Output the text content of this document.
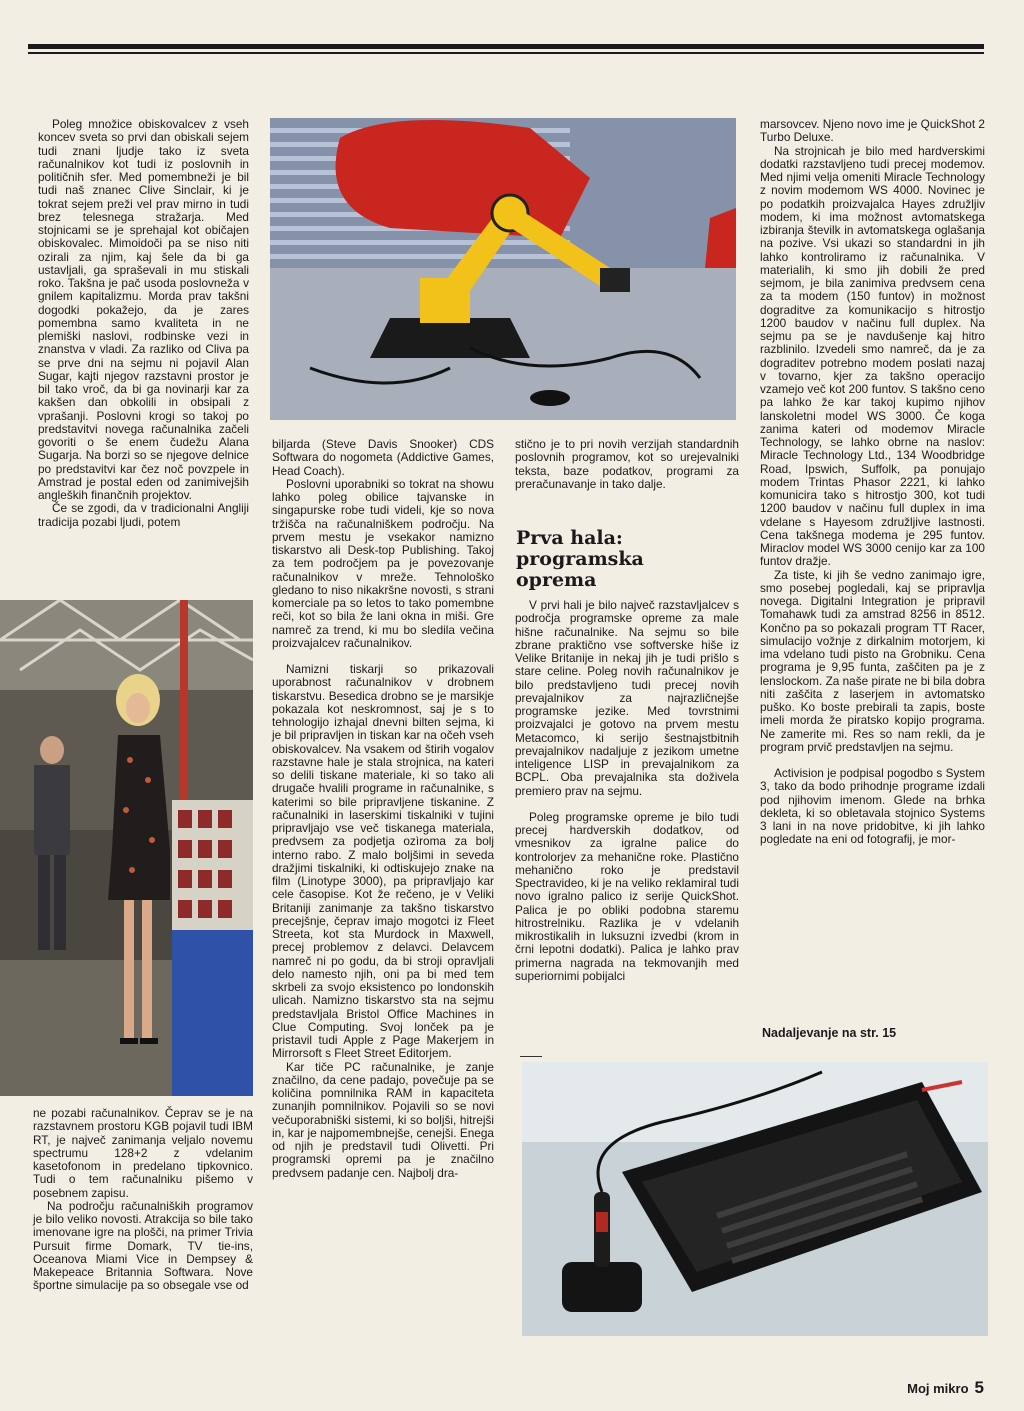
Poleg množice obiskovalcev z vseh koncev sveta so prvi dan obiskali sejem tudi znani ljudje tako iz sveta računalnikov kot tudi iz poslovnih in političnih sfer. Med pomembneži je bil tudi naš znanec Clive Sinclair, ki je tokrat sejem preži vel prav mirno in tudi brez telesnega stražarja. Med stojnicami se je sprehajal kot običajen obiskovalec. Mimoidoči pa se niso niti ozirali za njim, kaj šele da bi ga ustavljali, ga spraševali in mu stiskali roko. Takšna je pač usoda poslovneža v gnilem kapitalizmu. Morda prav takšni dogodki pokažejo, da je zares pomembna samo kvaliteta in ne plemiški naslovi, rodbinske vezi in znanstva v vladi. Za razliko od Cliva pa se prve dni na sejmu ni pojavil Alan Sugar, kajti njegov razstavni prostor je bil tako vroč, da bi ga novinarji kar za kakšen dan obkolili in obsipali z vprašanji. Poslovni krogi so takoj po predstavitvi novega računalnika začeli govoriti o še enem čudežu Alana Sugarja. Na borzi so se njegove delnice po predstavitvi kar čez noč povzpele in Amstrad je postal eden od zanimivejših angleških finančnih projektov.

Če se zgodi, da v tradicionalni Angliji tradicija pozabi ljudi, potem

ne pozabi računalnikov. Čeprav se je na razstavnem prostoru KGB pojavil tudi IBM RT, je največ zanimanja veljalo novemu spectrumu 128+2 z vdelanim kasetofonom in predelano tipkovnico. Tudi o tem računalniku pišemo v posebnem zapisu.

Na področju računalniških programov je bilo veliko novosti. Atrakcija so bile tako imenovane igre na plošči, na primer Trivia Pursuit firme Domark, TV tie-ins, Oceanova Miami Vice in Dempsey & Makepeace Britannia Softwara. Nove športne simulacije pa so obsegale vse od

biljarda (Steve Davis Snooker) CDS Softwara do nogometa (Addictive Games, Head Coach).

Poslovni uporabniki so tokrat na showu lahko poleg obilice tajvanske in singapurske robe tudi videli, kje so nova tržišča na računalniškem področju. Na prvem mestu je vsekakor namizno tiskarstvo ali Desk-top Publishing. Takoj za tem področjem pa je povezovanje računalnikov v mreže. Tehnološko gledano to niso nikakršne novosti, s strani komerciale pa so letos to tako pomembne reči, kot so bila že lani okna in miši. Gre namreč za trend, ki mu bo sledila večina proizvajalcev računalnikov.

Namizni tiskarji so prikazovali uporabnost računalnikov v drobnem tiskarstvu. Besedica drobno se je marsikje pokazala kot neskromnost, saj je s to tehnologijo izhajal dnevni bilten sejma, ki je bil pripravljen in tiskan kar na očeh vseh obiskovalcev. Na vsakem od štirih vogalov razstavne hale je stala strojnica, na kateri so delili tiskane materiale, ki so tako ali drugače hvalili programe in računalnike, s katerimi so bile pripravljene tiskanine. Z računalniki in laserskimi tiskalniki v tujini pripravljajo vse več tiskanega materiala, predvsem za podjetja ozìroma za bolj interno rabo. Z malo boljšimi in seveda dražjimi tiskalniki, ki odtiskujejo znake na film (Linotype 3000), pa pripravljajo kar cele časopise. Kot že rečeno, je v Veliki Britaniji zanimanje za takšno tiskarstvo precejšnje, čeprav imajo mogotci iz Fleet Streeta, kot sta Murdock in Maxwell, precej problemov z delavci. Delavcem namreč ni po godu, da bi stroji opravljali delo namesto njih, oni pa bi med tem skrbeli za svojo eksistenco po londonskih ulicah. Namizno tiskarstvo sta na sejmu predstavljala Bristol Office Machines in Clue Computing. Svoj lonček pa je pristavil tudi Apple z Page Makerjem in Mirrorsoft s Fleet Street Editorjem.

Kar tiče PC računalnike, je zanje značilno, da cene padajo, povečuje pa se količina pomnilnika RAM in kapaciteta zunanjih pomnilnikov. Pojavili so se novi večuporabniški sistemi, ki so boljši, hitrejši in, kar je najpomembnejše, cenejši. Enega od njih je predstavil tudi Olivetti. Pri programski opremi pa je značilno predvsem padanje cen. Najbolj dra-

stično je to pri novih verzijah standardnih poslovnih programov, kot so urejevalniki teksta, baze podatkov, programi za preračunavanje in tako dalje.

Prva hala:
programska
oprema

V prvi hali je bilo največ razstavljalcev s področja programske opreme za male hišne računalnike. Na sejmu so bile zbrane praktično vse softverske hiše iz Velike Britanije in nekaj jih je tudi prišlo s stare celine. Poleg novih računalnikov je bilo predstavljeno tudi precej novih prevajalnikov za najrazličnejše programske jezike. Med tovrstnimi proizvajalci je gotovo na prvem mestu Metacomco, ki serijo šestnajstbitnih prevajalnikov nadaljuje z jezikom umetne inteligence LISP in prevajalnikom za BCPL. Oba prevajalnika sta doživela premiero prav na sejmu.

Poleg programske opreme je bilo tudi precej hardverskih dodatkov, od vmesnikov za igralne palice do kontrolorjev za mehanične roke. Plastično mehanično roko je predstavil Spectravideo, ki je na veliko reklamiral tudi novo igralno palico iz serije QuickShot. Palica je po obliki podobna staremu hitrostrelniku. Razlika je v vdelanih mikrostikalih in luksuzni izvedbi (krom in črni lepotni dodatki). Palica je lahko prav primerna nagrada na tekmovanjih med superiornimi pobijalci

marsovcev. Njeno novo ime je QuickShot 2 Turbo Deluxe.

Na strojnicah je bilo med hardverskimi dodatki razstavljeno tudi precej modemov. Med njimi velja omeniti Miracle Technology z novim modemom WS 4000. Novinec je po podatkih proizvajalca Hayes združljiv modem, ki ima možnost avtomatskega izbiranja številk in avtomatskega oglašanja na pozive. Vsi ukazi so standardni in jih lahko kontroliramo iz računalnika. V materialih, ki smo jih dobili že pred sejmom, je bila zanimiva predvsem cena za ta modem (150 funtov) in možnost dograditve za komunikacijo s hitrostjo 1200 baudov v načinu full duplex. Na sejmu pa se je navdušenje kaj hitro razblinilo. Izvedeli smo namreč, da je za dograditev potrebno modem poslati nazaj v tovarno, kjer za takšno operacijo vzamejo več kot 200 funtov. S takšno ceno pa lahko že kar takoj kupimo njihov lanskoletni model WS 3000. Če koga zanima kateri od modemov Miracle Technology, se lahko obrne na naslov: Miracle Technology Ltd., 134 Woodbridge Road, Ipswich, Suffolk, pa ponujajo modem Trintas Phasor 2221, ki lahko komunicira tako s hitrostjo 300, kot tudi 1200 baudov v načinu full duplex in ima vdelane s Hayesom združljive lastnosti. Cena takšnega modema je 295 funtov. Miraclov model WS 3000 cenijo kar za 100 funtov dražje.

Za tiste, ki jih še vedno zanimajo igre, smo posebej pogledali, kaj se pripravlja novega. Digitalni Integration je pripravil Tomahawk tudi za amstrad 8256 in 8512. Končno pa so pokazali program TT Racer, simulacijo vožnje z dirkalnim motorjem, ki ima vdelano tudi pisto na Grobniku. Cena programa je 9,95 funta, zaščiten pa je z lenslockom. Za naše pirate ne bi bila dobra niti zaščita z laserjem in avtomatsko puško. Ko boste prebirali ta zapis, boste imeli morda že piratsko kopijo programa. Ne zamerite mi. Res so nam rekli, da je program prvič predstavljen na sejmu.

Activision je podpisal pogodbo s System 3, tako da bodo prihodnje programe izdali pod njihovim imenom. Glede na brhka dekleta, ki so obletavala stojnico Systems 3 lani in na nove pridobitve, ki jih lahko pogledate na eni od fotografij, je mor-

Nadaljevanje na str. 15
Moj mikro 5
